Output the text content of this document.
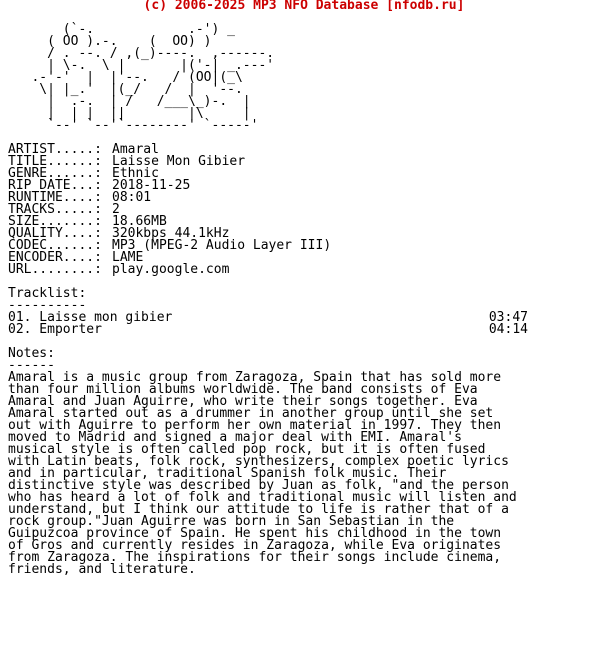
(c) 2006-2025 MP3 NFO Database [nfodb.ru]
(`-.            .-') _
( OO ).-.    (  OO) )
/ . --. / ,(_)----.  ,------.
| \-.  \ |       |('-| _.---'
.-'-'  |  |'--.   / (OO|(_\
\| |_.'  |(_/   /  |  '--.
|  .-.  | /   /___\_)-.  |
|  | |  ||        |\     |
`--' `--'`--------' `-----'
ARTIST.....: Amaral
TITLE......: Laisse Mon Gibier
GENRE......: Ethnic
RIP DATE...: 2018-11-25
RUNTIME....: 08:01
TRACKS.....: 2
SIZE.......: 18.66MB
QUALITY....: 320kbps 44.1kHz
CODEC......: MP3 (MPEG-2 Audio Layer III)
ENCODER....: LAME
URL........: play.google.com
Tracklist:
----------
01. Laisse mon gibier	03:47
02. Emporter	04:14
Notes:
------
Amaral is a music group from Zaragoza, Spain that has sold more
than four million albums worldwide. The band consists of Eva
Amaral and Juan Aguirre, who write their songs together. Eva
Amaral started out as a drummer in another group until she set
out with Aguirre to perform her own material in 1997. They then
moved to Madrid and signed a major deal with EMI. Amaral's
musical style is often called pop rock, but it is often fused
with Latin beats, folk rock, synthesizers, complex poetic lyrics
and in particular, traditional Spanish folk music. Their
distinctive style was described by Juan as folk, "and the person
who has heard a lot of folk and traditional music will listen and
understand, but I think our attitude to life is rather that of a
rock group."Juan Aguirre was born in San Sebastian in the
Guipuzcoa province of Spain. He spent his childhood in the town
of Gros and currently resides in Zaragoza, while Eva originates
from Zaragoza. The inspirations for their songs include cinema,
friends, and literature.
